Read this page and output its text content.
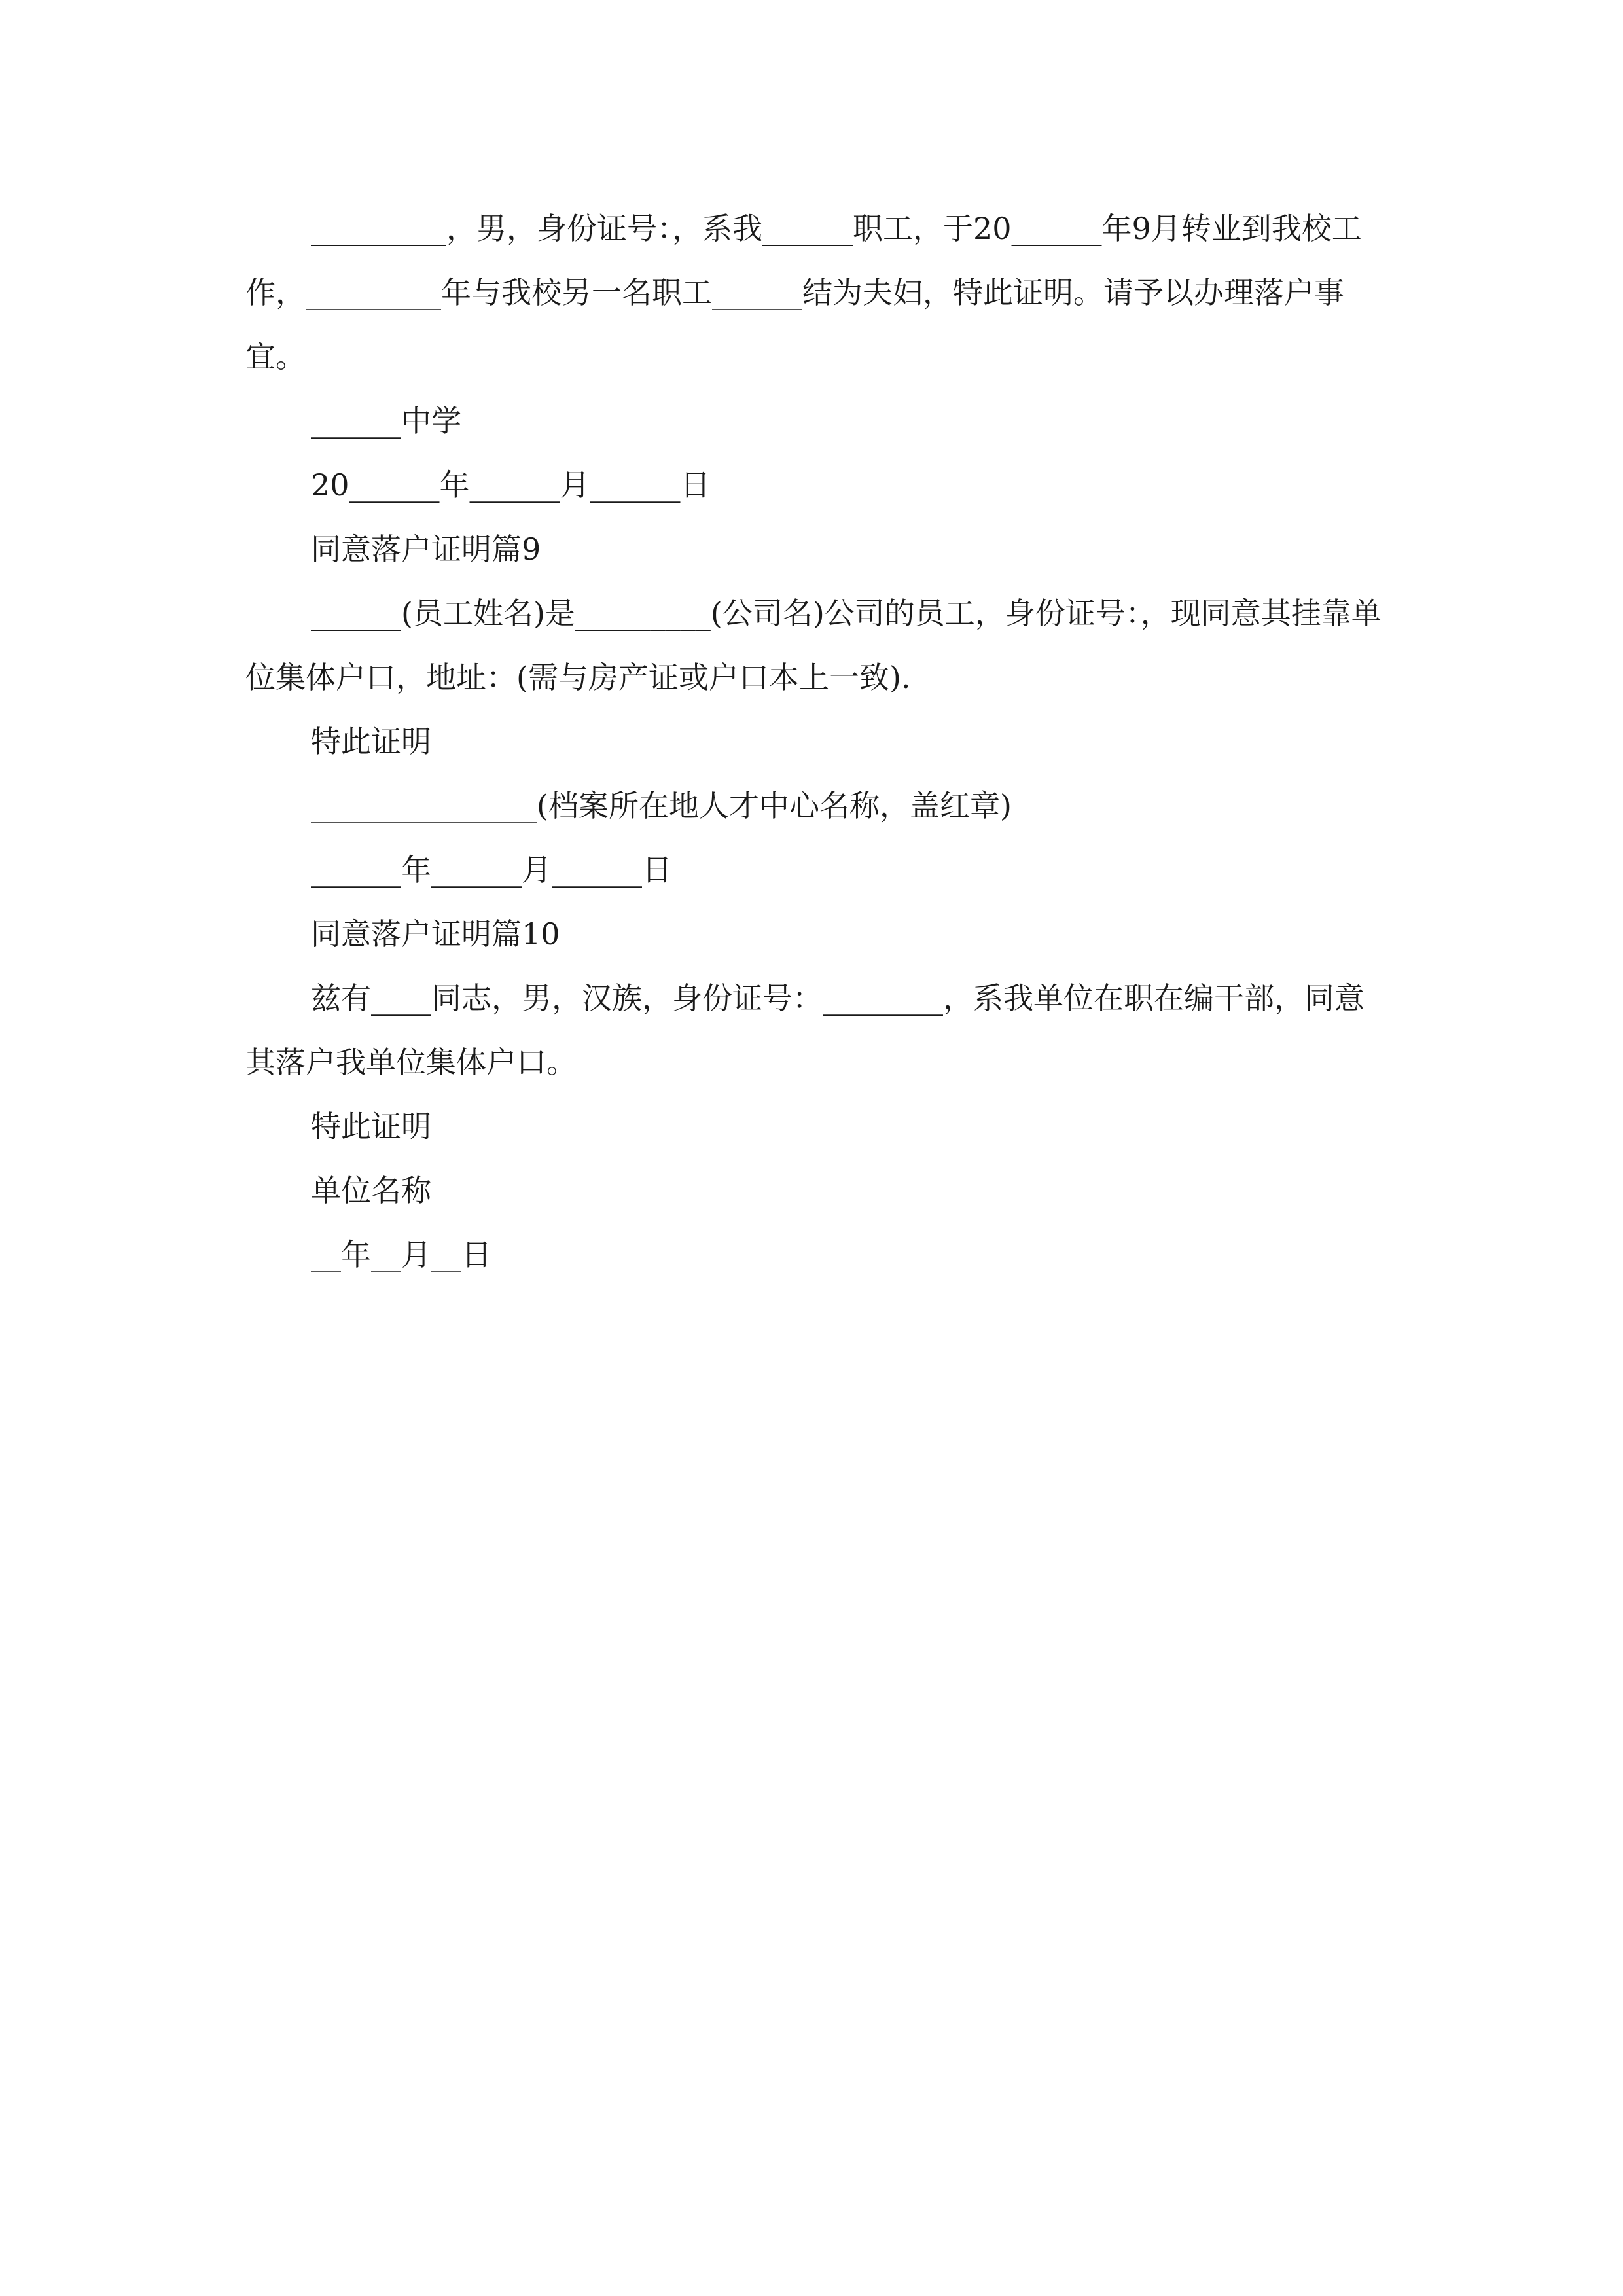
_________，男，身份证号：，系我______职工，于20______年9月转业到我校工作，_________年与我校另一名职工______结为夫妇，特此证明。请予以办理落户事宜。

______中学

20______年______月______日

同意落户证明篇9

______(员工姓名)是_________(公司名)公司的员工，身份证号：，现同意其挂靠单位集体户口，地址：(需与房产证或户口本上一致).

特此证明

_______________(档案所在地人才中心名称，盖红章)

______年______月______日

同意落户证明篇10

兹有____同志，男，汉族，身份证号：________，系我单位在职在编干部，同意其落户我单位集体户口。

特此证明

单位名称

__年__月__日
